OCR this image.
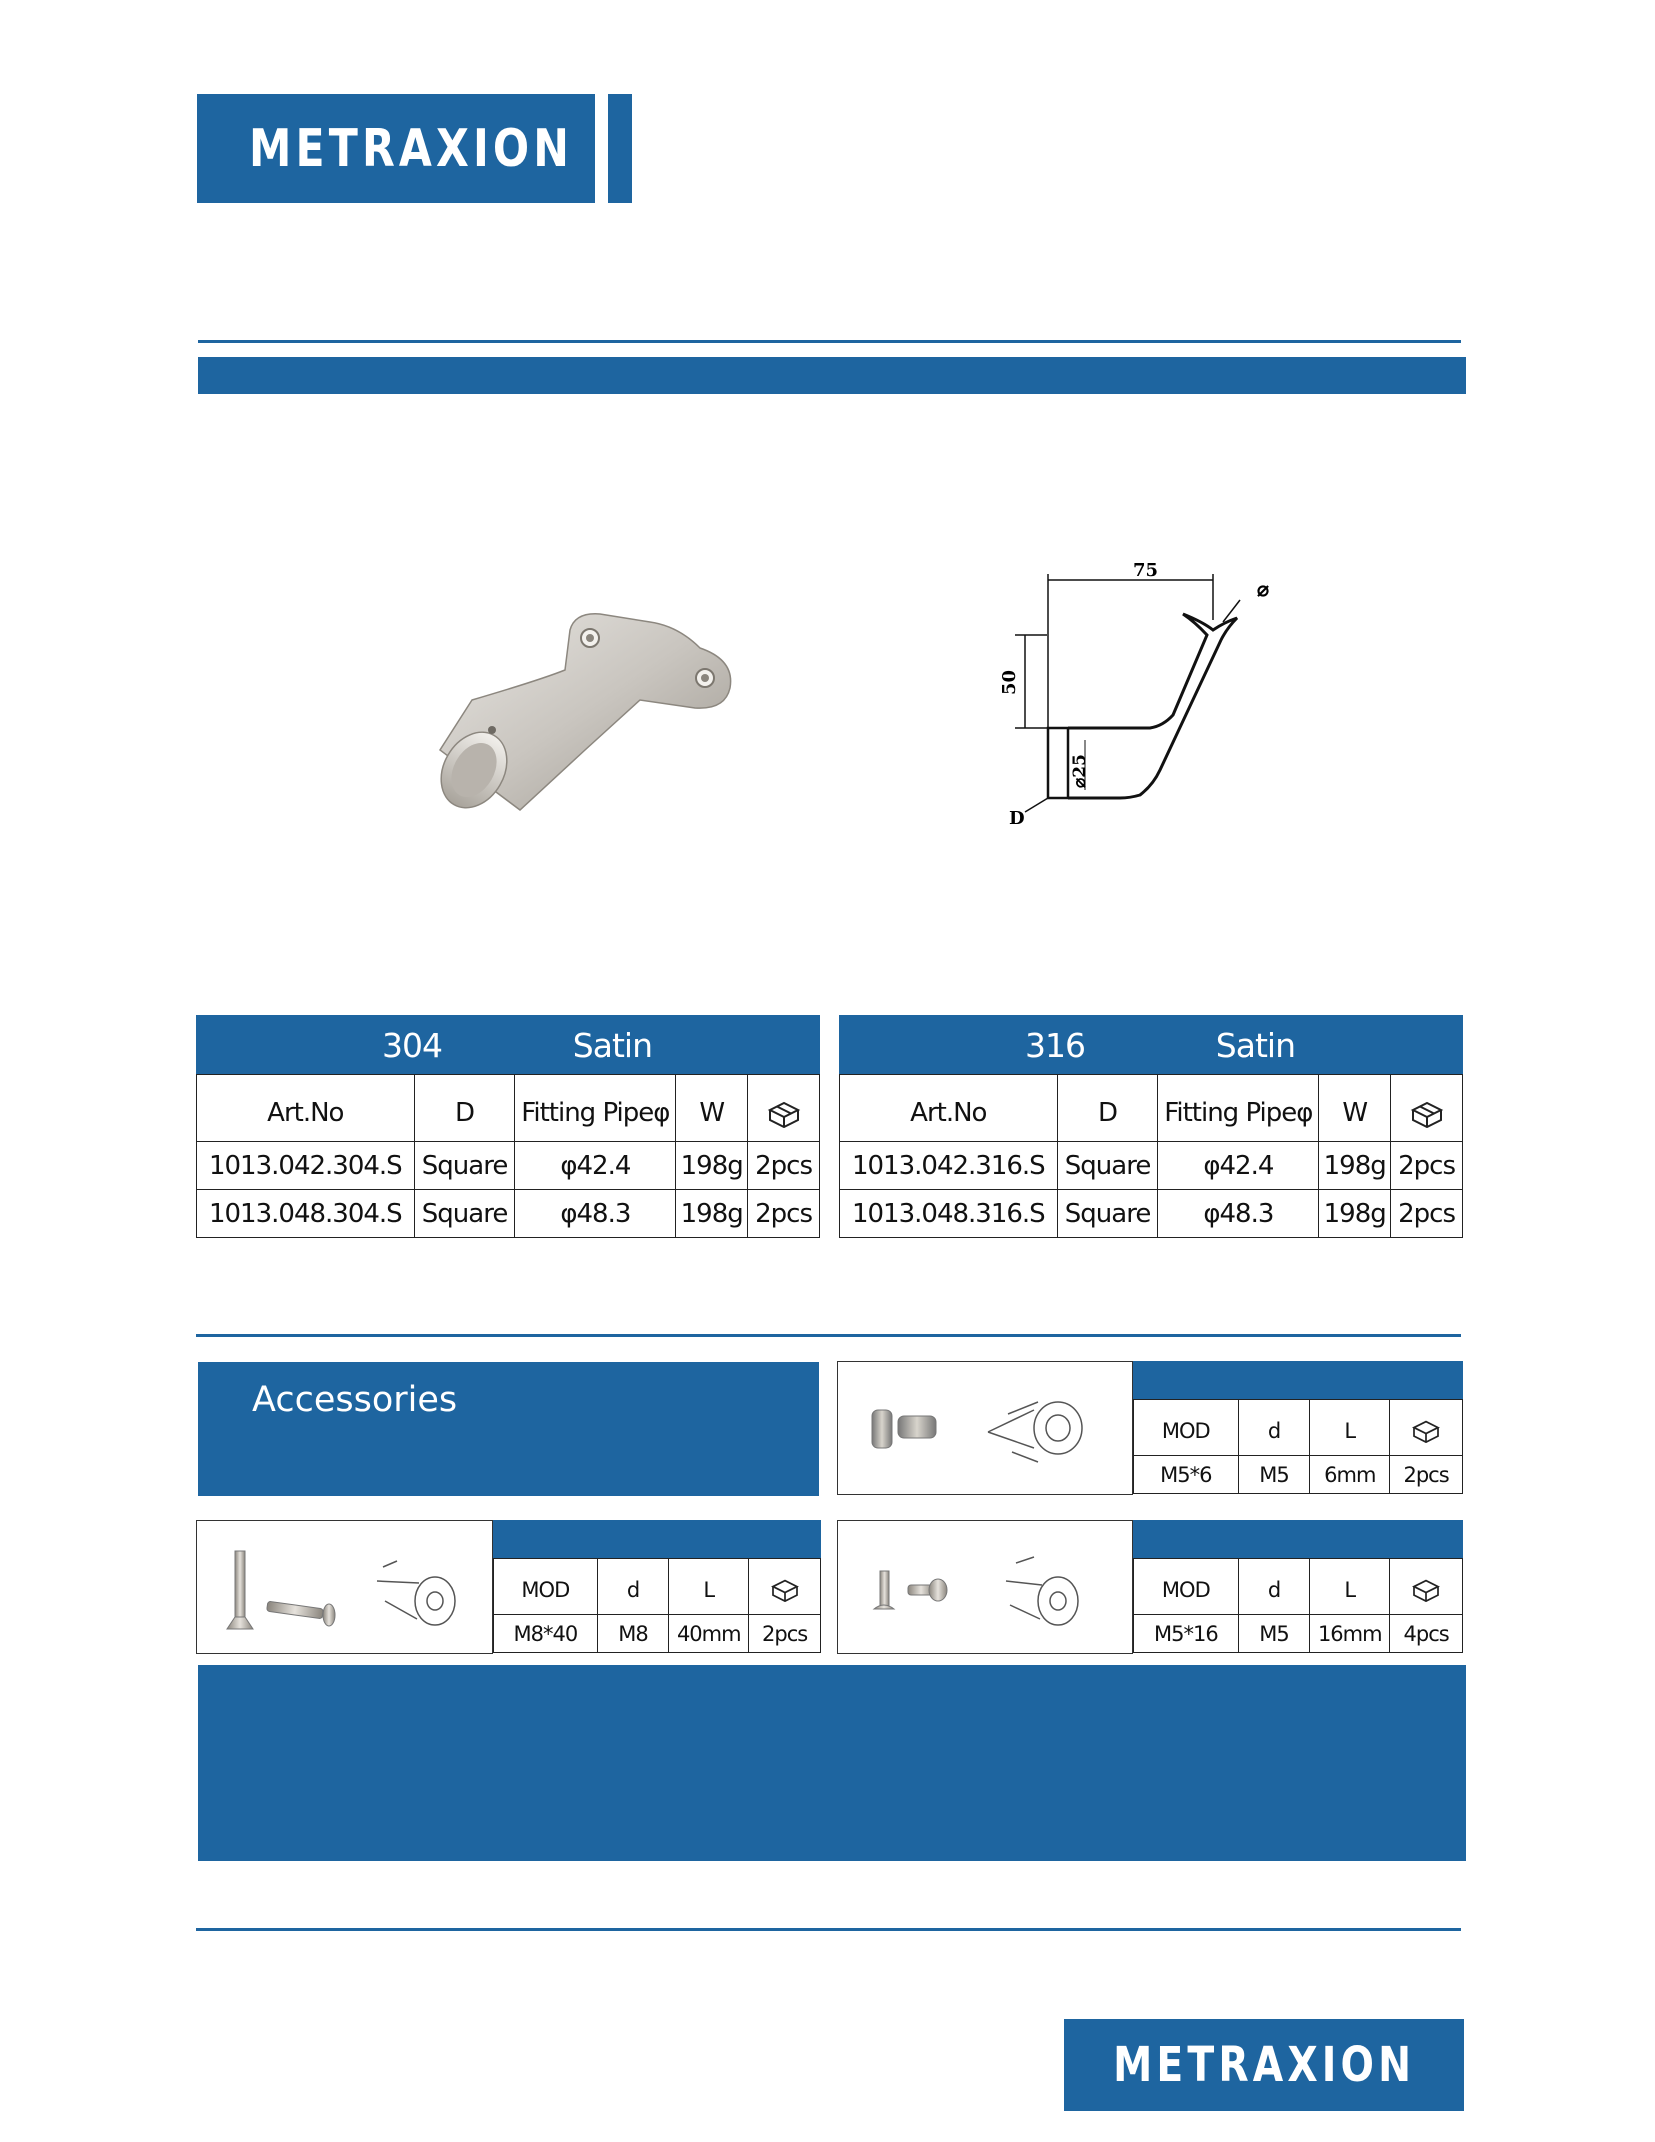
METRAXION
75
⌀
50
⌀25
D
304 Satin				

Art.No	D	Fitting Pipeφ	W	
1013.042.304.S	Square	φ42.4	198g	2pcs
1013.048.304.S	Square	φ48.3	198g	2pcs
316 Satin				

Art.No	D	Fitting Pipeφ	W	
1013.042.316.S	Square	φ42.4	198g	2pcs
1013.048.316.S	Square	φ48.3	198g	2pcs
Accessories

MOD	d	L	
M5*6	M5	6mm	2pcs

MOD	d	L	
M8*40	M8	40mm	2pcs

MOD	d	L	
M5*16	M5	16mm	4pcs
METRAXION
